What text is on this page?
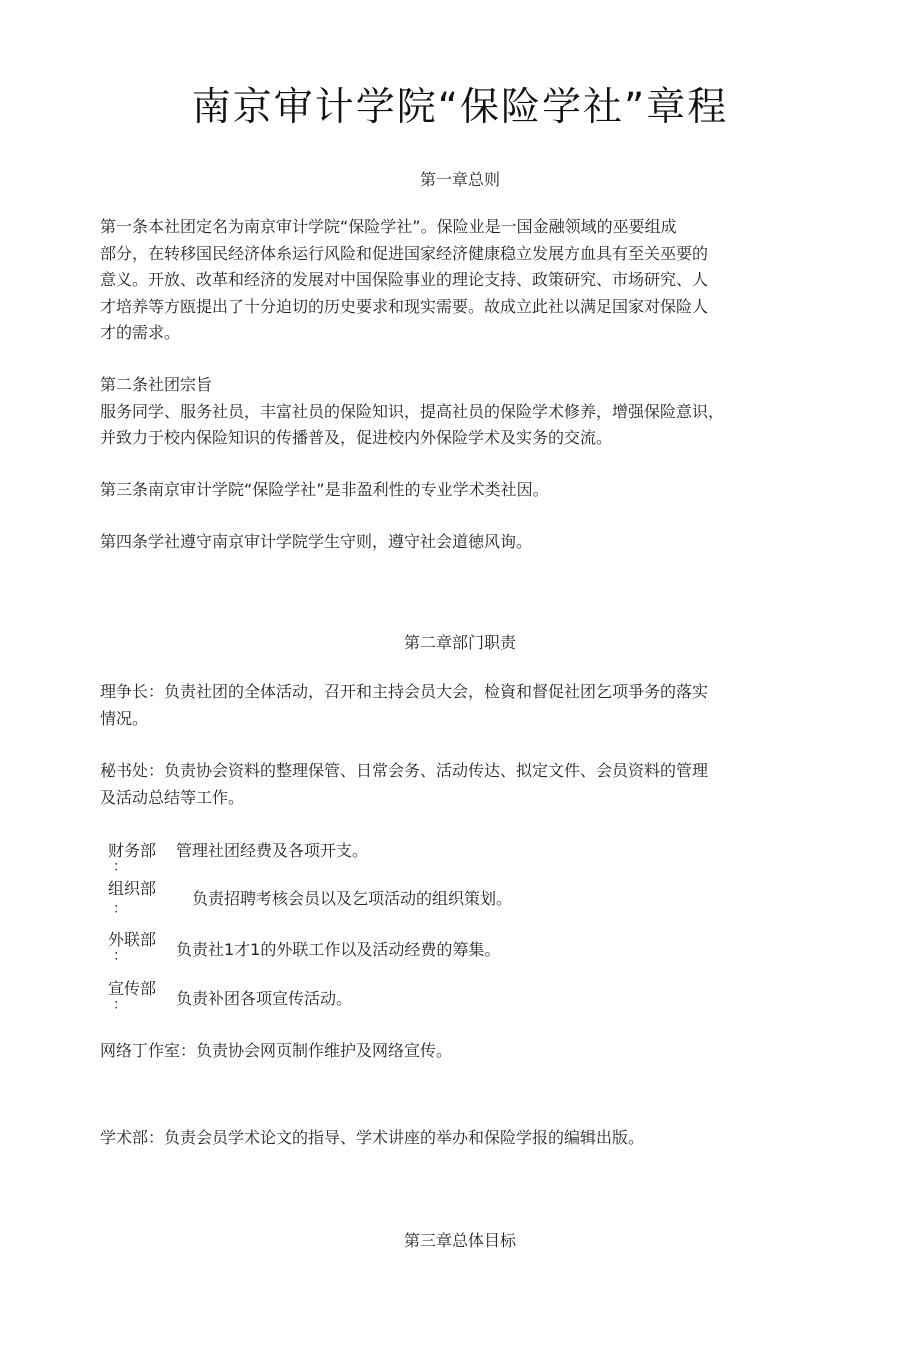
南京审计学院“保险学社”章程
第一章总则
第一条本社团定名为南京审计学院“保险学社”。保险业是一国金融领域的巫要组成
部分，在转移国民经济体糸运行风险和促进国家经济健康稳立发展方血具有至关巫要的
意义。开放、改革和经济的发展对中国保险事业的理论支持、政策研究、市场研究、人
才培养等方瓯提出了十分迫切的历史要求和现实需要。故成立此社以满足国家对保险人
才的需求。
第二条社团宗旨
服务同学、服务社员，丰富社员的保险知识，提高社员的保险学术修养，增强保险意识，
并致力于校内保险知识的传播普及，促进校内外保险学术及实务的交流。
第三条南京审计学院“保险学社”是非盈利性的专业学术类社因。
第四条学社遵守南京审计学院学生守则，遵守社会道徳风询。
第二章部门职责
理争长：负责社团的全体活动，召开和主持会员大会，检資和督促社团乞项爭务的落实
情况。
秘书处：负责协会资料的整理保管、日常会务、活动传达、拟定文件、会员资料的管理
及活动总结等工作。
财务部
：
管理社团经费及各项开支。
组织部
：
负责招聘考核会员以及乞项活动的组织策划。
外联部
：	负责社1才1的外联工作以及活动经费的筹集。
宣传部
：	负责补团各项宣传活动。
网络丁作室：负责协会网页制作维护及网络宣传。
学术部：负责会员学术论文的指导、学术讲座的举办和保险学报的编辑出版。
第三章总体目标
